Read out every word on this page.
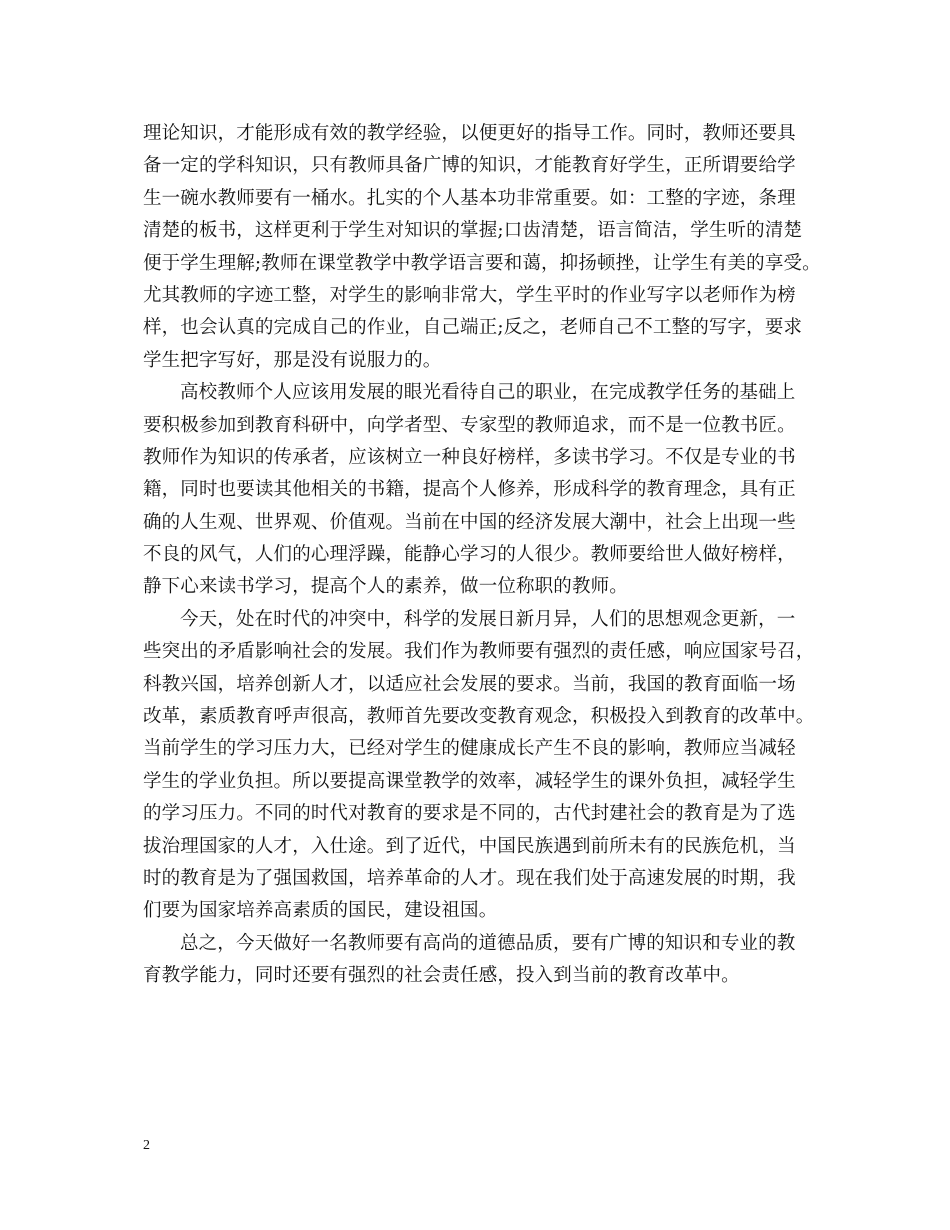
理论知识，才能形成有效的教学经验，以便更好的指导工作。同时，教师还要具
备一定的学科知识，只有教师具备广博的知识，才能教育好学生，正所谓要给学
生一碗水教师要有一桶水。扎实的个人基本功非常重要。如：工整的字迹，条理
清楚的板书，这样更利于学生对知识的掌握;口齿清楚，语言简洁，学生听的清楚
便于学生理解;教师在课堂教学中教学语言要和蔼，抑扬顿挫，让学生有美的享受。
尤其教师的字迹工整，对学生的影响非常大，学生平时的作业写字以老师作为榜
样，也会认真的完成自己的作业，自己端正;反之，老师自己不工整的写字，要求
学生把字写好，那是没有说服力的。
高校教师个人应该用发展的眼光看待自己的职业，在完成教学任务的基础上
要积极参加到教育科研中，向学者型、专家型的教师追求，而不是一位教书匠。
教师作为知识的传承者，应该树立一种良好榜样，多读书学习。不仅是专业的书
籍，同时也要读其他相关的书籍，提高个人修养，形成科学的教育理念，具有正
确的人生观、世界观、价值观。当前在中国的经济发展大潮中，社会上出现一些
不良的风气，人们的心理浮躁，能静心学习的人很少。教师要给世人做好榜样，
静下心来读书学习，提高个人的素养，做一位称职的教师。
今天，处在时代的冲突中，科学的发展日新月异，人们的思想观念更新，一
些突出的矛盾影响社会的发展。我们作为教师要有强烈的责任感，响应国家号召，
科教兴国，培养创新人才，以适应社会发展的要求。当前，我国的教育面临一场
改革，素质教育呼声很高，教师首先要改变教育观念，积极投入到教育的改革中。
当前学生的学习压力大，已经对学生的健康成长产生不良的影响，教师应当减轻
学生的学业负担。所以要提高课堂教学的效率，减轻学生的课外负担，减轻学生
的学习压力。不同的时代对教育的要求是不同的，古代封建社会的教育是为了选
拔治理国家的人才，入仕途。到了近代，中国民族遇到前所未有的民族危机，当
时的教育是为了强国救国，培养革命的人才。现在我们处于高速发展的时期，我
们要为国家培养高素质的国民，建设祖国。
总之，今天做好一名教师要有高尚的道德品质，要有广博的知识和专业的教
育教学能力，同时还要有强烈的社会责任感，投入到当前的教育改革中。
2
